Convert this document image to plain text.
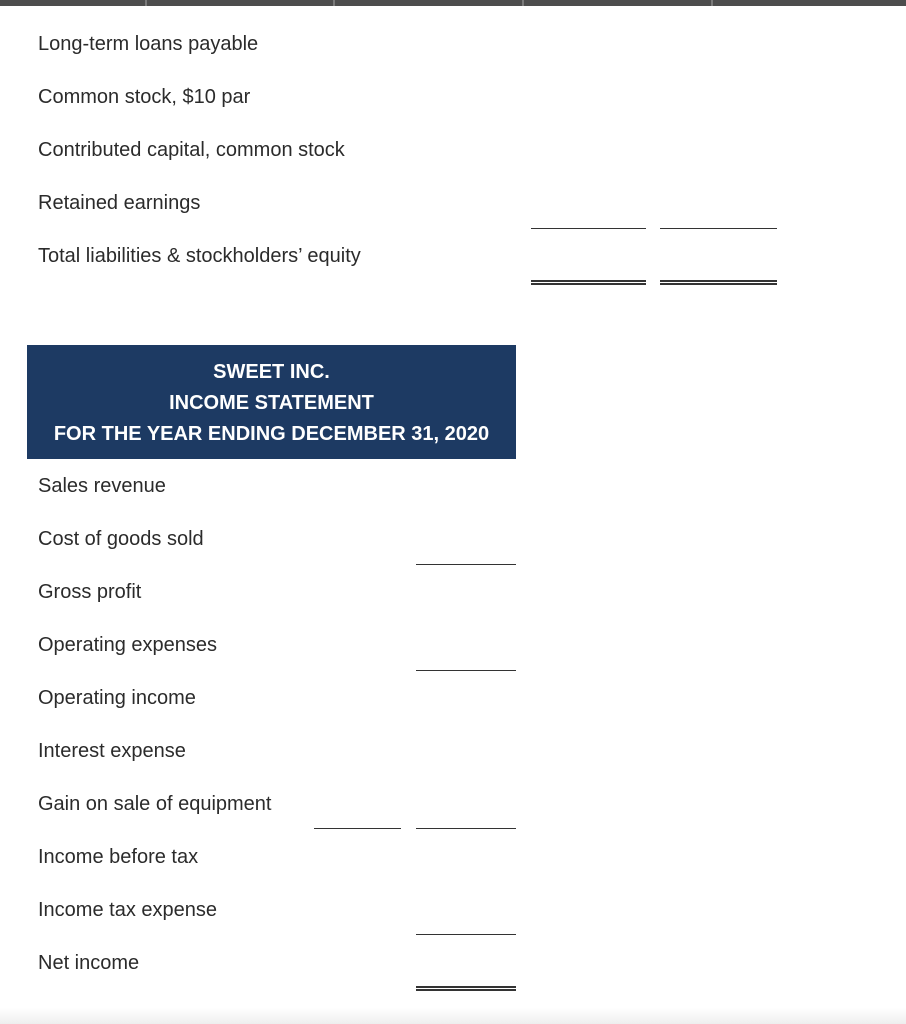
Long-term loans payable
Common stock, $10 par
Contributed capital, common stock
Retained earnings
Total liabilities & stockholders’ equity
SWEET INC.
INCOME STATEMENT
FOR THE YEAR ENDING DECEMBER 31, 2020
Sales revenue
Cost of goods sold
Gross profit
Operating expenses
Operating income
Interest expense
Gain on sale of equipment
Income before tax
Income tax expense
Net income
